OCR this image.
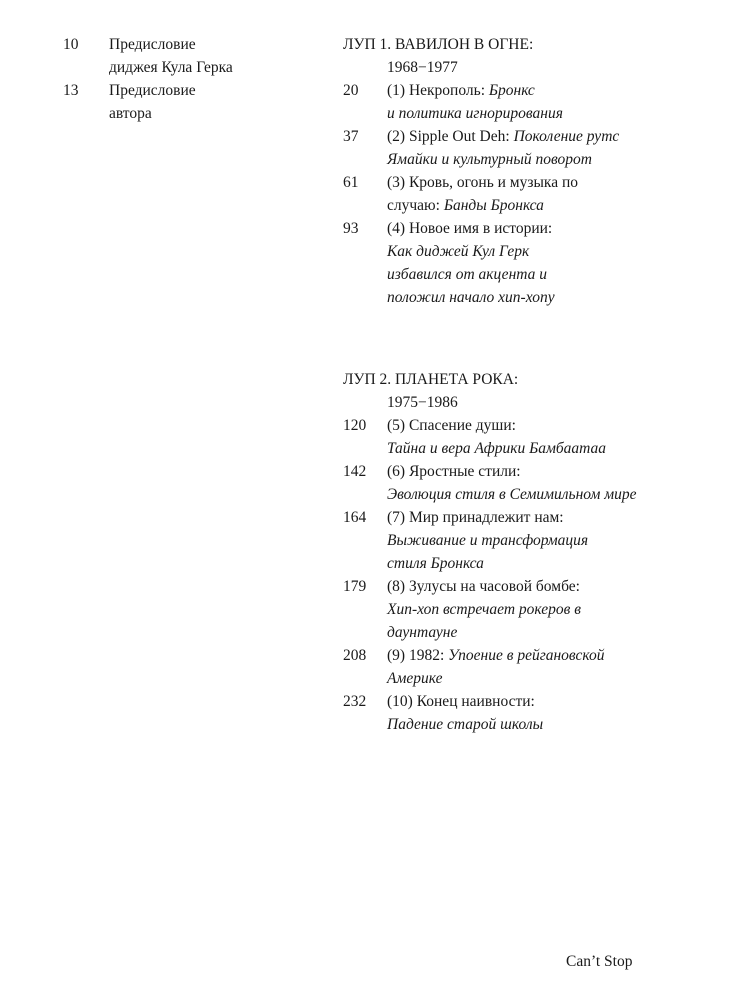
10	Предисловие
диджея Кула Герка
13	Предисловие
автора
ЛУП 1. ВАВИЛОН В ОГНЕ:
1968−1977
20	(1) Некрополь: Бронкс
и политика игнорирования
37	(2) Sipple Out Deh: Поколение рутс Ямайки и культурный поворот
61	(3) Кровь, огонь и музыка по случаю: Банды Бронкса
93	(4) Новое имя в истории:
Как диджей Кул Герк избавился от акцента и положил начало хип-хопу
ЛУП 2. ПЛАНЕТА РОКА:
1975−1986
120	(5) Спасение души:
Тайна и вера Африки Бамбаатаа
142	(6) Яростные стили:
Эволюция стиля в Семимильном мире
164	(7) Мир принадлежит нам:
Выживание и трансформация стиля Бронкса
179	(8) Зулусы на часовой бомбе:
Хип-хоп встречает рокеров в даунтауне
208	(9) 1982: Упоение в рейгановской
Америке
232	(10) Конец наивности:
Падение старой школы
Can’t Stop
